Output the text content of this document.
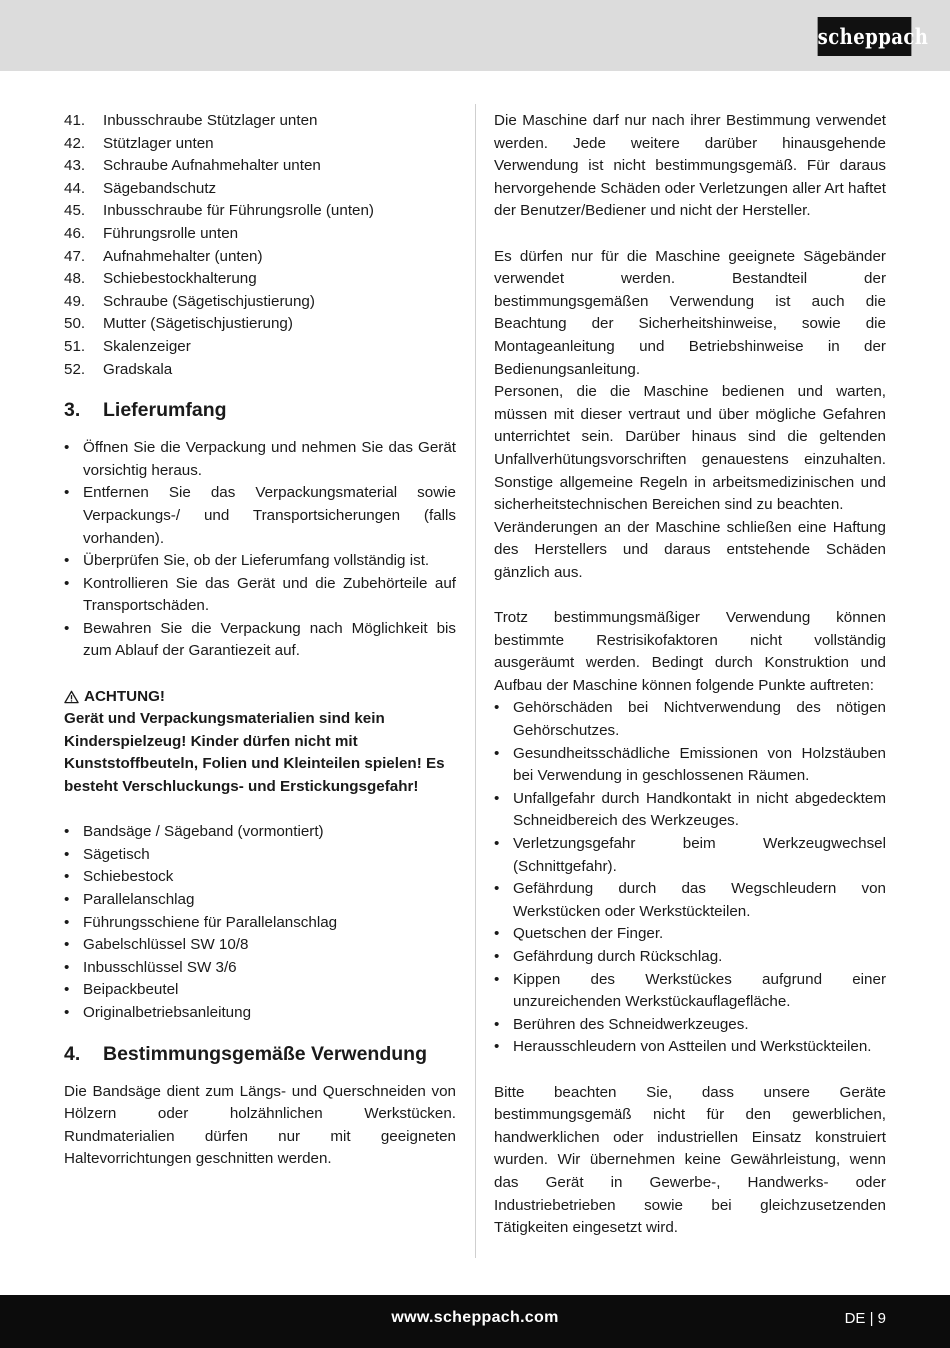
scheppach
41.	Inbusschraube Stützlager unten
42.	Stützlager unten
43.	Schraube Aufnahmehalter unten
44.	Sägebandschutz
45.	Inbusschraube für Führungsrolle (unten)
46.	Führungsrolle unten
47.	Aufnahmehalter (unten)
48.	Schiebestockhalterung
49.	Schraube (Sägetischjustierung)
50.	Mutter (Sägetischjustierung)
51.	Skalenzeiger
52.	Gradskala
3.	Lieferumfang
• Öffnen Sie die Verpackung und nehmen Sie das Gerät vorsichtig heraus.
• Entfernen Sie das Verpackungsmaterial sowie Verpackungs-/ und Transportsicherungen (falls vorhanden).
• Überprüfen Sie, ob der Lieferumfang vollständig ist.
• Kontrollieren Sie das Gerät und die Zubehörteile auf Transportschäden.
• Bewahren Sie die Verpackung nach Möglichkeit bis zum Ablauf der Garantiezeit auf.
ACHTUNG!
Gerät und Verpackungsmaterialien sind kein Kinderspielzeug! Kinder dürfen nicht mit Kunststoffbeuteln, Folien und Kleinteilen spielen! Es besteht Verschluckungs- und Erstickungsgefahr!
• Bandsäge / Sägeband (vormontiert)
• Sägetisch
• Schiebestock
• Parallelanschlag
• Führungsschiene für Parallelanschlag
• Gabelschlüssel SW 10/8
• Inbusschlüssel SW 3/6
• Beipackbeutel
• Originalbetriebsanleitung
4.	Bestimmungsgemäße Verwendung

Die Bandsäge dient zum Längs- und Querschneiden von Hölzern oder holzähnlichen Werkstücken. Rundmaterialien dürfen nur mit geeigneten Haltevorrichtungen geschnitten werden.

Die Maschine darf nur nach ihrer Bestimmung verwendet werden. Jede weitere darüber hinausgehende Verwendung ist nicht bestimmungsgemäß. Für daraus hervorgehende Schäden oder Verletzungen aller Art haftet der Benutzer/Bediener und nicht der Hersteller.

Es dürfen nur für die Maschine geeignete Sägebänder verwendet werden. Bestandteil der bestimmungsgemäßen Verwendung ist auch die Beachtung der Sicherheitshinweise, sowie die Montageanleitung und Betriebshinweise in der Bedienungsanleitung.

Personen, die die Maschine bedienen und warten, müssen mit dieser vertraut und über mögliche Gefahren unterrichtet sein. Darüber hinaus sind die geltenden Unfallverhütungsvorschriften genauestens einzuhalten. Sonstige allgemeine Regeln in arbeitsmedizinischen und sicherheitstechnischen Bereichen sind zu beachten.

Veränderungen an der Maschine schließen eine Haftung des Herstellers und daraus entstehende Schäden gänzlich aus.

Trotz bestimmungsmäßiger Verwendung können bestimmte Restrisikofaktoren nicht vollständig ausgeräumt werden. Bedingt durch Konstruktion und Aufbau der Maschine können folgende Punkte auftreten:

• Gehörschäden bei Nichtverwendung des nötigen Gehörschutzes.
• Gesundheitsschädliche Emissionen von Holzstäuben bei Verwendung in geschlossenen Räumen.
• Unfallgefahr durch Handkontakt in nicht abgedecktem Schneidbereich des Werkzeuges.
• Verletzungsgefahr beim Werkzeugwechsel (Schnittgefahr).
• Gefährdung durch das Wegschleudern von Werkstücken oder Werkstückteilen.
• Quetschen der Finger.
• Gefährdung durch Rückschlag.
• Kippen des Werkstückes aufgrund einer unzureichenden Werkstückauflagefläche.
• Berühren des Schneidwerkzeuges.
• Herausschleudern von Astteilen und Werkstückteilen.

Bitte beachten Sie, dass unsere Geräte bestimmungsgemäß nicht für den gewerblichen, handwerklichen oder industriellen Einsatz konstruiert wurden. Wir übernehmen keine Gewährleistung, wenn das Gerät in Gewerbe-, Handwerks- oder Industriebetrieben sowie bei gleichzusetzenden Tätigkeiten eingesetzt wird.

www.scheppach.com	DE | 9
